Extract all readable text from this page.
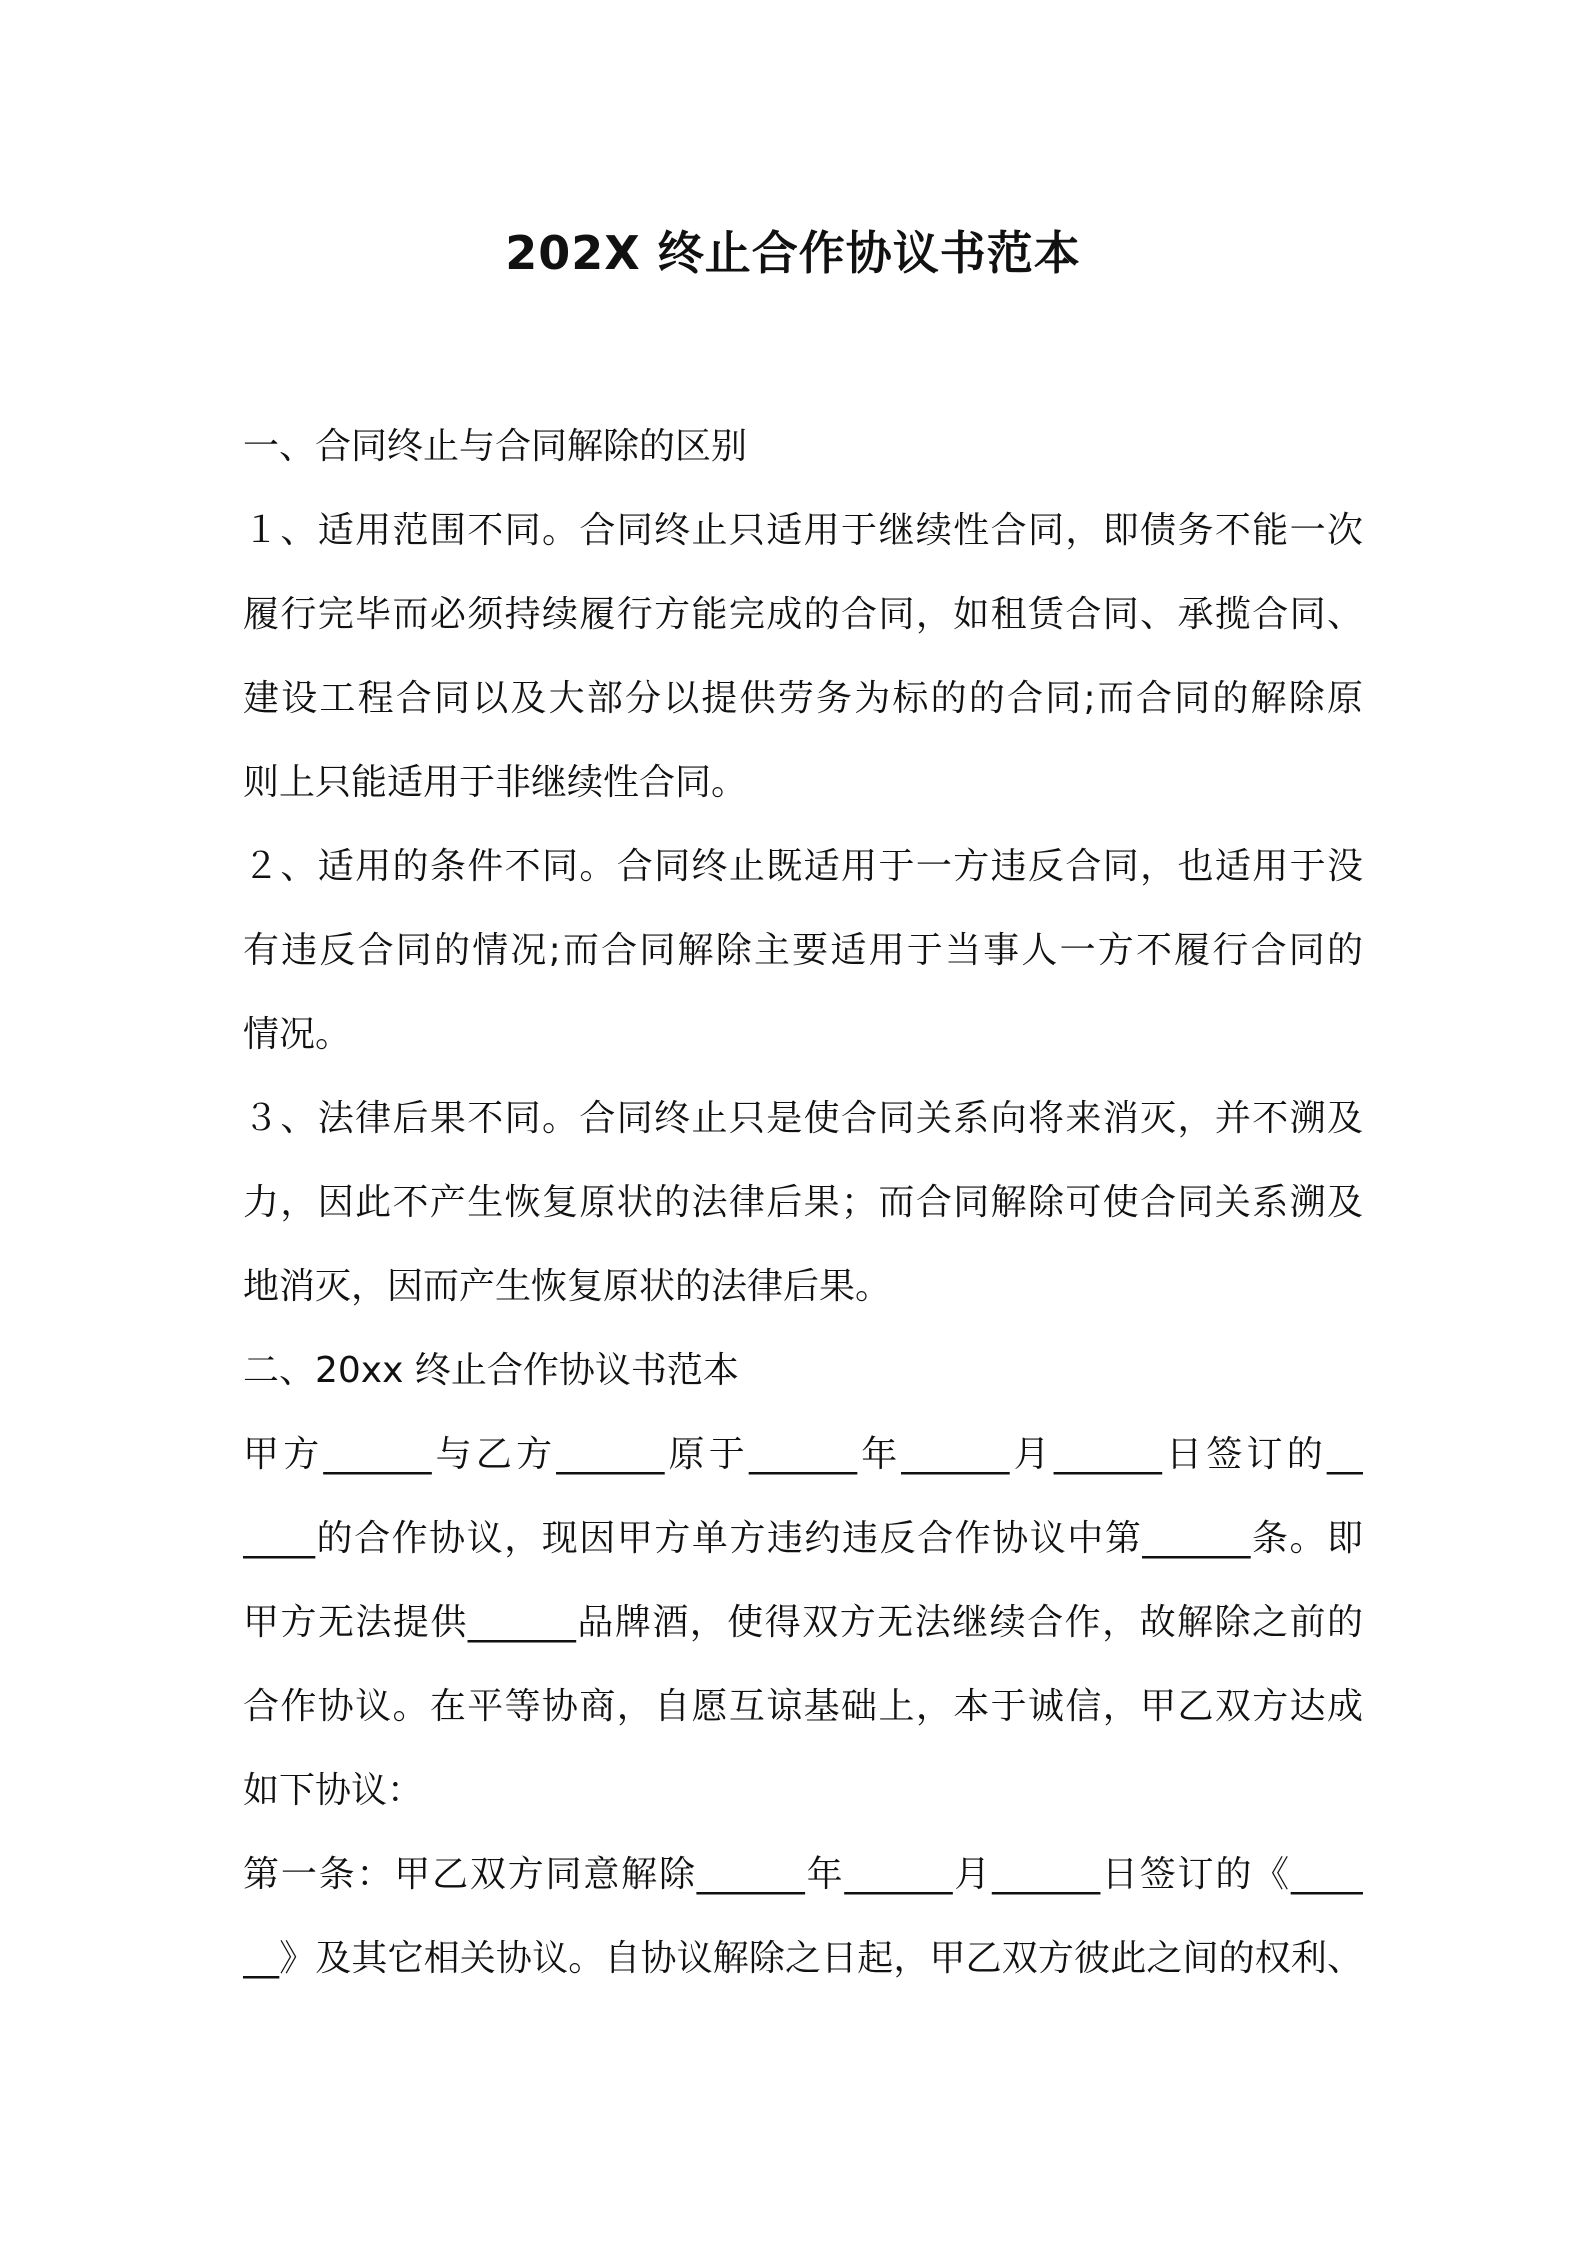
202X 终止合作协议书范本
一、合同终止与合同解除的区别
１、适用范围不同。合同终止只适用于继续性合同，即债务不能一次
履行完毕而必须持续履行方能完成的合同，如租赁合同、承揽合同、
建设工程合同以及大部分以提供劳务为标的的合同;而合同的解除原
则上只能适用于非继续性合同。
２、适用的条件不同。合同终止既适用于一方违反合同，也适用于没
有违反合同的情况;而合同解除主要适用于当事人一方不履行合同的
情况。
３、法律后果不同。合同终止只是使合同关系向将来消灭，并不溯及
力，因此不产生恢复原状的法律后果；而合同解除可使合同关系溯及
地消灭，因而产生恢复原状的法律后果。
二、20xx 终止合作协议书范本
甲方______与乙方______原于______年______月______日签订的__
____的合作协议，现因甲方单方违约违反合作协议中第______条。即
甲方无法提供______品牌酒，使得双方无法继续合作，故解除之前的
合作协议。在平等协商，自愿互谅基础上，本于诚信，甲乙双方达成
如下协议：
第一条：甲乙双方同意解除______年______月______日签订的《____
__》及其它相关协议。自协议解除之日起，甲乙双方彼此之间的权利、
